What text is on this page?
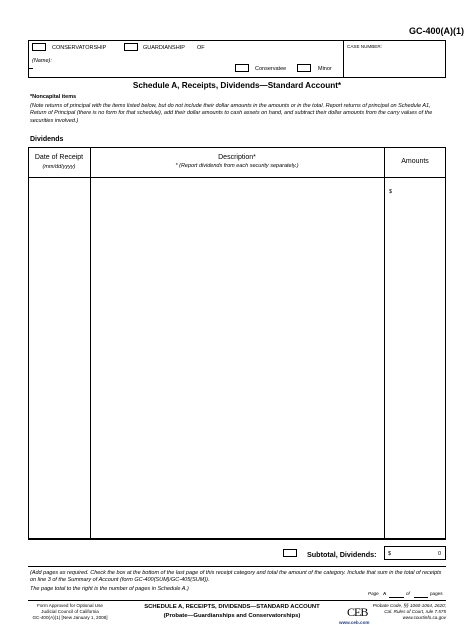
GC-400(A)(1)
CONSERVATORSHIP	GUARDIANSHIP OF
(Name):
CASE NUMBER:
Conservatee	Minor
Schedule A, Receipts, Dividends—Standard Account*
*Noncapital items
(Note returns of principal with the items listed below, but do not include their dollar amounts in the amounts or in the total. Report returns of principal on Schedule A1, Return of Principal (there is no form for that schedule), add their dollar amounts to cash assets on hand, and subtract their dollar amounts from the carry values of the securities involved.)
Dividends
Date of Receipt
(mm/dd/yyyy)
Description*
* (Report dividends from each security separately.)
Amounts
$
Subtotal, Dividends: $	0
(Add pages as required. Check the box at the bottom of the last page of this receipt category and total the amount of the category. Include that sum in the total of receipts on line 3 of the Summary of Account (form GC-400(SUM)/GC-405(SUM)).
The page total to the right is the number of pages in Schedule A.)
Page A	of	pages
Form Approved for Optional Use
Judicial Council of California
GC-400(A)(1) [New January 1, 2008]
SCHEDULE A, RECEIPTS, DIVIDENDS—STANDARD ACCOUNT
(Probate—Guardianships and Conservatorships)	CEB
www.ceb.com
Probate Code, §§ 1060-1064, 2620;
Cal. Rules of Court, rule 7.575
www.courtinfo.ca.gov
